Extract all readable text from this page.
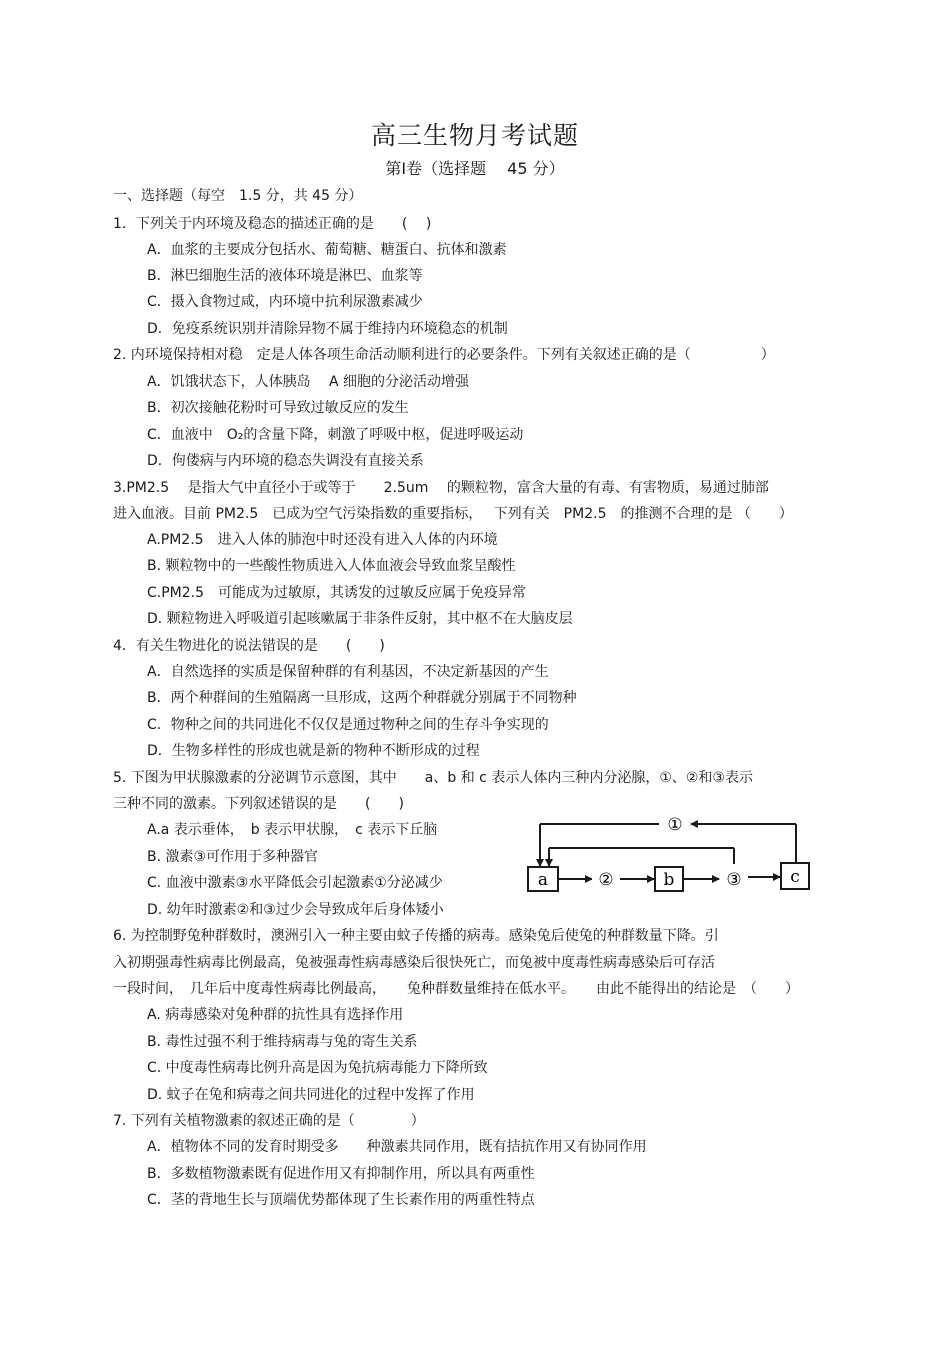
高三生物月考试题
第Ⅰ卷（选择题　 45 分）
一、选择题（每空　1.5 分，共 45 分）
1．下列关于内环境及稳态的描述正确的是　　(　 )
A．血浆的主要成分包括水、葡萄糖、糖蛋白、抗体和激素
B．淋巴细胞生活的液体环境是淋巴、血浆等
C．摄入食物过咸，内环境中抗利尿激素减少
D．免疫系统识别并清除异物不属于维持内环境稳态的机制
2. 内环境保持相对稳　定是人体各项生命活动顺利进行的必要条件。下列有关叙述正确的是（　　　　　）
A．饥饿状态下，人体胰岛　 A 细胞的分泌活动增强
B．初次接触花粉时可导致过敏反应的发生
C．血液中　O₂的含量下降，刺激了呼吸中枢，促进呼吸运动
D．佝偻病与内环境的稳态失调没有直接关系
3.PM2.5　 是指大气中直径小于或等于　　2.5um　 的颗粒物，富含大量的有毒、有害物质，易通过肺部
进入血液。目前 PM2.5　已成为空气污染指数的重要指标，　 下列有关　PM2.5　的推测不合理的是 （　　）
A.PM2.5　进入人体的肺泡中时还没有进入人体的内环境
B. 颗粒物中的一些酸性物质进入人体血液会导致血浆呈酸性
C.PM2.5　可能成为过敏原，其诱发的过敏反应属于免疫异常
D. 颗粒物进入呼吸道引起咳嗽属于非条件反射，其中枢不在大脑皮层
4．有关生物进化的说法错误的是　　(　　)
A．自然选择的实质是保留种群的有利基因，不决定新基因的产生
B．两个种群间的生殖隔离一旦形成，这两个种群就分别属于不同物种
C．物种之间的共同进化不仅仅是通过物种之间的生存斗争实现的
D．生物多样性的形成也就是新的物种不断形成的过程
5. 下图为甲状腺激素的分泌调节示意图，其中　　a、b 和 c 表示人体内三种内分泌腺，①、②和③表示
三种不同的激素。下列叙述错误的是　　(　　)
A.a 表示垂体，　b 表示甲状腺，　c 表示下丘脑
B. 激素③可作用于多种器官
C. 血液中激素③水平降低会引起激素①分泌减少
D. 幼年时激素②和③过少会导致成年后身体矮小
a	b	c
①
②	③
6. 为控制野兔种群数时，澳洲引入一种主要由蚊子传播的病毒。感染兔后使兔的种群数量下降。引
入初期强毒性病毒比例最高，兔被强毒性病毒感染后很快死亡，而兔被中度毒性病毒感染后可存活
一段时间，　几年后中度毒性病毒比例最高，　　兔种群数量维持在低水平。　　由此不能得出的结论是　（　　）
A. 病毒感染对兔种群的抗性具有选择作用
B. 毒性过强不利于维持病毒与兔的寄生关系
C. 中度毒性病毒比例升高是因为兔抗病毒能力下降所致
D. 蚊子在兔和病毒之间共同进化的过程中发挥了作用
7. 下列有关植物激素的叙述正确的是（　　　　）
A．植物体不同的发育时期受多　　种激素共同作用，既有拮抗作用又有协同作用
B．多数植物激素既有促进作用又有抑制作用，所以具有两重性
C．茎的背地生长与顶端优势都体现了生长素作用的两重性特点
